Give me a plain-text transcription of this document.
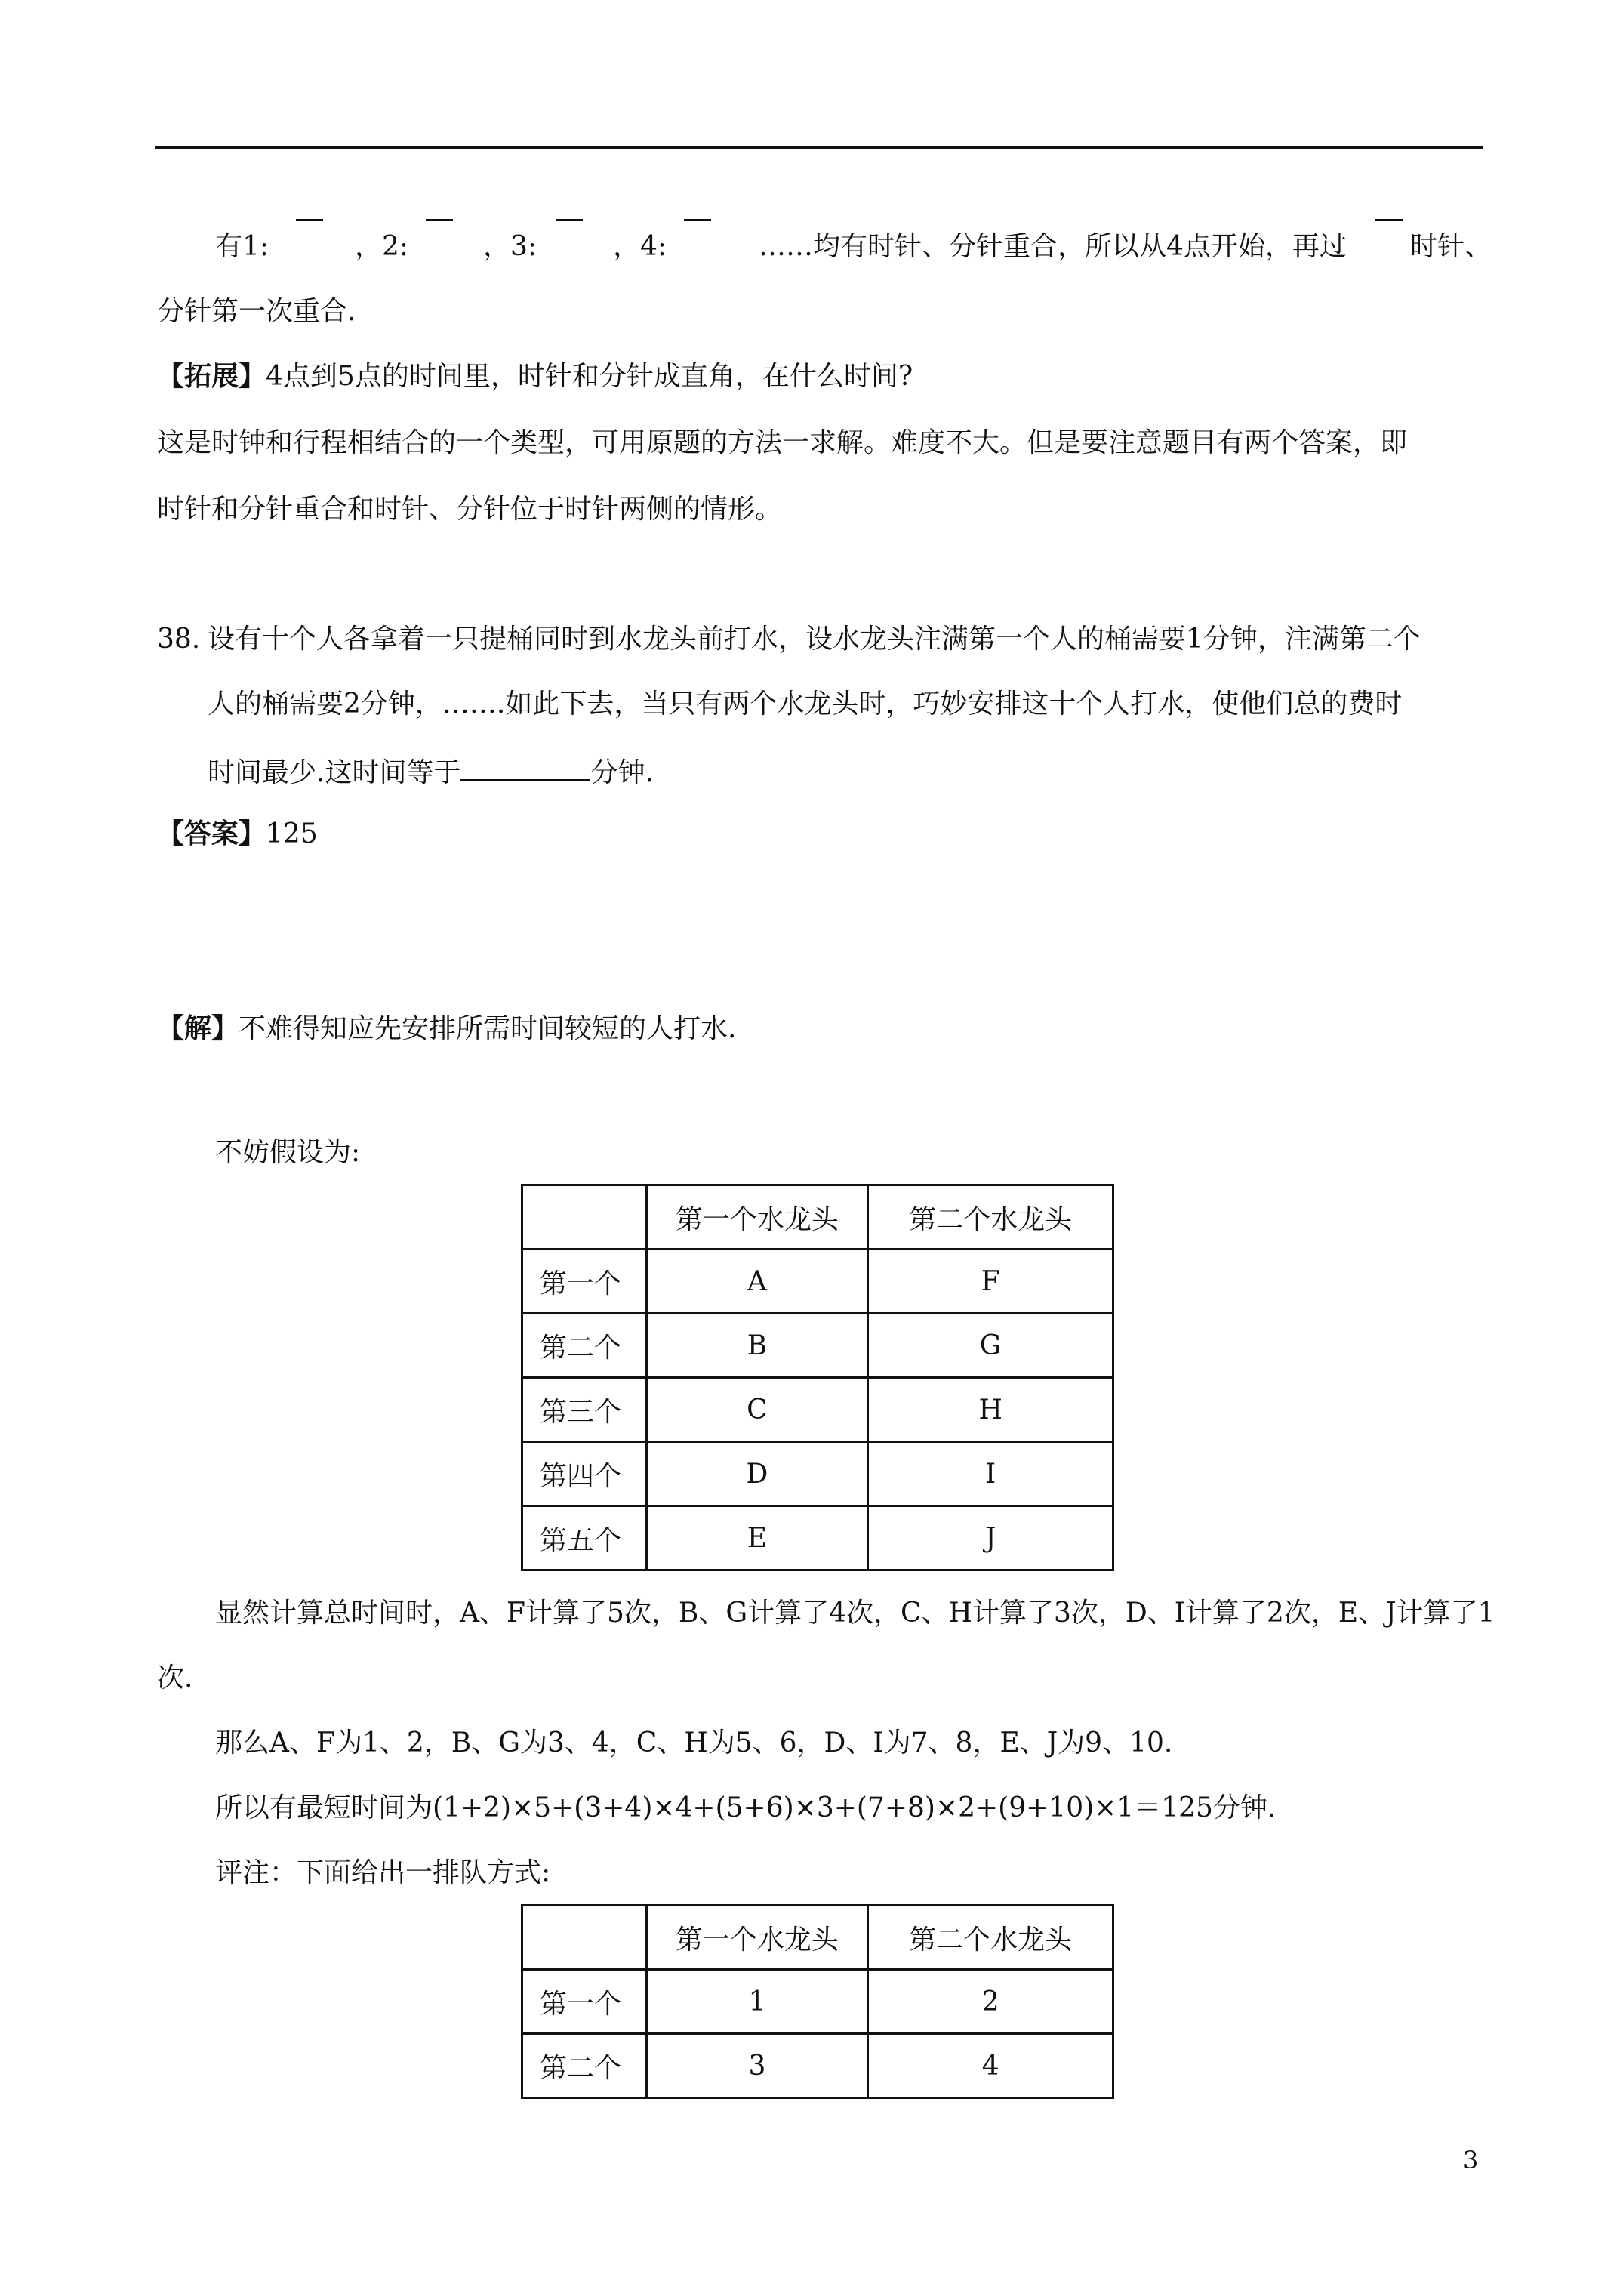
有1:	，2:	，3:	，4:	……均有时针、分针重合，所以从4点开始，再过 时针、
分针第一次重合.
【拓展】4点到5点的时间里，时针和分针成直角，在什么时间?
这是时钟和行程相结合的一个类型，可用原题的方法一求解。难度不大。但是要注意题目有两个答案，即
时针和分针重合和时针、分针位于时针两侧的情形。
38. 设有十个人各拿着一只提桶同时到水龙头前打水，设水龙头注满第一个人的桶需要1分钟，注满第二个
人的桶需要2分钟，…….如此下去，当只有两个水龙头时，巧妙安排这十个人打水，使他们总的费时
时间最少.这时间等于	分钟.
【答案】125
【解】不难得知应先安排所需时间较短的人打水.
不妨假设为:
	第一个水龙头	第二个水龙头
第一个	A	F
第二个	B	G
第三个	C	H
第四个	D	I
第五个	E	J
显然计算总时间时，A、F计算了5次，B、G计算了4次，C、H计算了3次，D、I计算了2次，E、J计算了1
次.
那么A、F为1、2，B、G为3、4，C、H为5、6，D、I为7、8，E、J为9、10.
所以有最短时间为(1+2)×5+(3+4)×4+(5+6)×3+(7+8)×2+(9+10)×1＝125分钟.
评注：下面给出一排队方式:
	第一个水龙头	第二个水龙头
第一个	1	2
第二个	3	4
3
